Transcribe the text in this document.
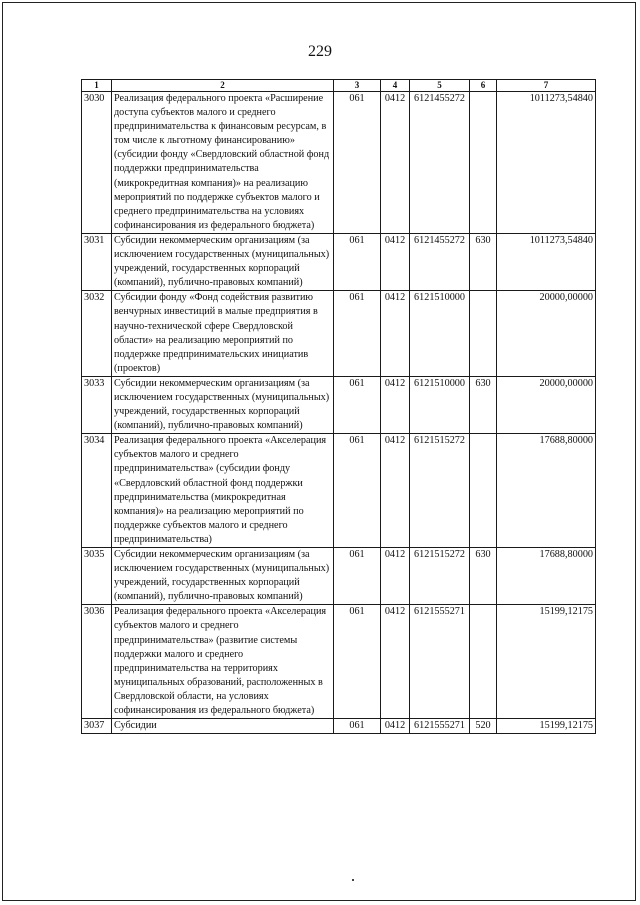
229
1	2	3	4	5	6	7
3030	Реализация федерального проекта «Расширение доступа субъектов малого и среднего предпринимательства к финансовым ресурсам, в том числе к льготному финансированию» (субсидии фонду «Свердловский областной фонд поддержки предпринимательства (микрокредитная компания)» на реализацию мероприятий по поддержке субъектов малого и среднего предпринимательства на условиях софинансирования из федерального бюджета)	061	0412	6121455272		1011273,54840
3031	Субсидии некоммерческим организациям (за исключением государственных (муниципальных) учреждений, государственных корпораций (компаний), публично-правовых компаний)	061	0412	6121455272	630	1011273,54840
3032	Субсидии фонду «Фонд содействия развитию венчурных инвестиций в малые предприятия в научно-технической сфере Свердловской области» на реализацию мероприятий по поддержке предпринимательских инициатив (проектов)	061	0412	6121510000		20000,00000
3033	Субсидии некоммерческим организациям (за исключением государственных (муниципальных) учреждений, государственных корпораций (компаний), публично-правовых компаний)	061	0412	6121510000	630	20000,00000
3034	Реализация федерального проекта «Акселерация субъектов малого и среднего предпринимательства» (субсидии фонду «Свердловский областной фонд поддержки предпринимательства (микрокредитная компания)» на реализацию мероприятий по поддержке субъектов малого и среднего предпринимательства)	061	0412	6121515272		17688,80000
3035	Субсидии некоммерческим организациям (за исключением государственных (муниципальных) учреждений, государственных корпораций (компаний), публично-правовых компаний)	061	0412	6121515272	630	17688,80000
3036	Реализация федерального проекта «Акселерация субъектов малого и среднего предпринимательства» (развитие системы поддержки малого и среднего предпринимательства на территориях муниципальных образований, расположенных в Свердловской области, на условиях софинансирования из федерального бюджета)	061	0412	6121555271		15199,12175
3037	Субсидии	061	0412	6121555271	520	15199,12175
